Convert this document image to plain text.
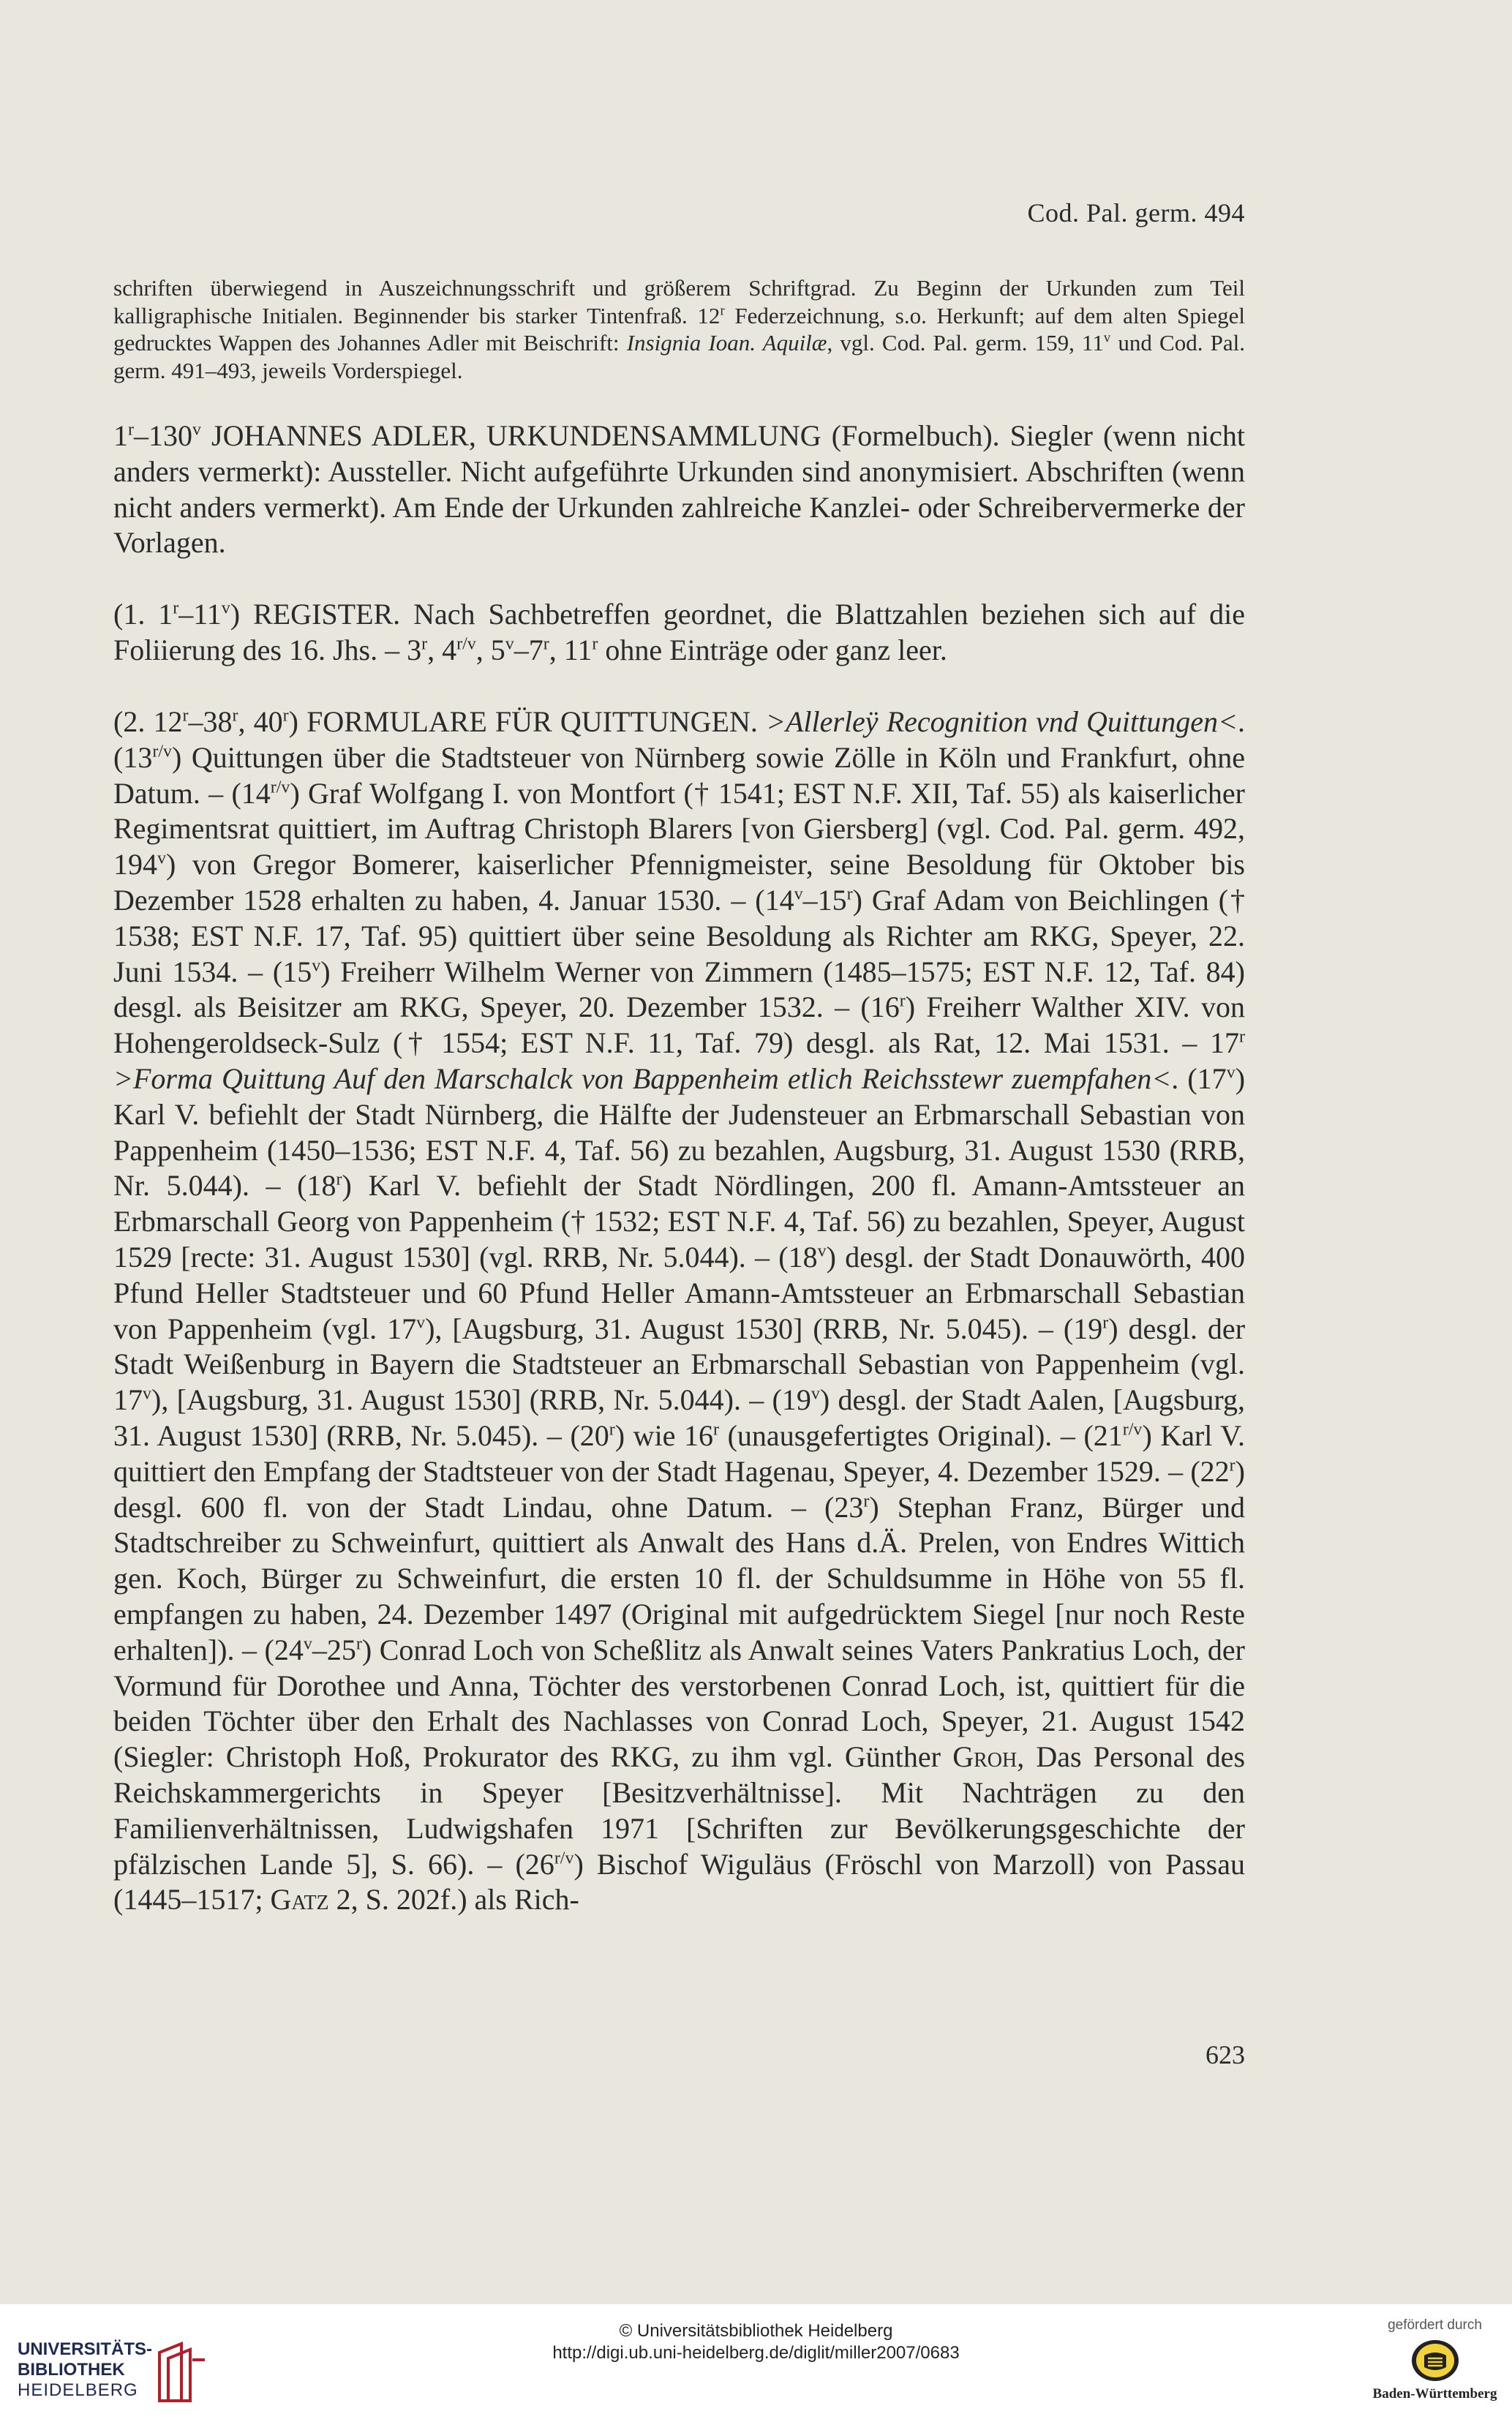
Cod. Pal. germ. 494

schriften überwiegend in Auszeichnungsschrift und größerem Schriftgrad. Zu Beginn der Urkunden zum Teil kalligraphische Initialen. Beginnender bis starker Tintenfraß. 12$^r$ Federzeichnung, s.o. Herkunft; auf dem alten Spiegel gedrucktes Wappen des Johannes Adler mit Beischrift: Insignia Ioan. Aquilæ, vgl. Cod. Pal. germ. 159, 11$^v$ und Cod. Pal. germ. 491–493, jeweils Vorderspiegel.

1$^r$–130$^v$ JOHANNES ADLER, URKUNDENSAMMLUNG (Formelbuch). Siegler (wenn nicht anders vermerkt): Aussteller. Nicht aufgeführte Urkunden sind anonymisiert. Abschriften (wenn nicht anders vermerkt). Am Ende der Urkunden zahlreiche Kanzlei- oder Schreibervermerke der Vorlagen.

(1. 1$^r$–11$^v$) REGISTER. Nach Sachbetreffen geordnet, die Blattzahlen beziehen sich auf die Foliierung des 16. Jhs. – 3$^r$, $4^{r/v}$, 5$^v$–7$^r$, 11$^r$ ohne Einträge oder ganz leer.

(2. 12$^r$–38$^r$, 40$^r$) FORMULARE FÜR QUITTUNGEN. >Allerleÿ Recognition vnd Quittungen<. $(13^{r/v})$ Quittungen über die Stadtsteuer von Nürnberg sowie Zölle in Köln und Frankfurt, ohne Datum. – $(14^{r/v})$ Graf Wolfgang I. von Montfort († 1541; EST N.F. XII, Taf. 55) als kaiserlicher Regimentsrat quittiert, im Auftrag Christoph Blarers [von Giersberg] (vgl. Cod. Pal. germ. 492, 194$^v$) von Gregor Bomerer, kaiserlicher Pfennigmeister, seine Besoldung für Oktober bis Dezember 1528 erhalten zu haben, 4. Januar 1530. – (14$^v$–15$^r$) Graf Adam von Beichlingen († 1538; EST N.F. 17, Taf. 95) quittiert über seine Besoldung als Richter am RKG, Speyer, 22. Juni 1534. – (15$^v$) Freiherr Wilhelm Werner von Zimmern (1485–1575; EST N.F. 12, Taf. 84) desgl. als Beisitzer am RKG, Speyer, 20. Dezember 1532. – (16$^r$) Freiherr Walther XIV. von Hohengeroldseck-Sulz († 1554; EST N.F. 11, Taf. 79) desgl. als Rat, 12. Mai 1531. – $17^r$ >Forma Quittung Auf den Marschalck von Bappenheim etlich Reichsstewr zuempfahen<. (17$^v$) Karl V. befiehlt der Stadt Nürnberg, die Hälfte der Judensteuer an Erbmarschall Sebastian von Pappenheim (1450–1536; EST N.F. 4, Taf. 56) zu bezahlen, Augsburg, 31. August 1530 (RRB, Nr. 5.044). – (18$^r$) Karl V. befiehlt der Stadt Nördlingen, 200 fl. Amann-Amtssteuer an Erbmarschall Georg von Pappenheim († 1532; EST N.F. 4, Taf. 56) zu bezahlen, Speyer, August 1529 [recte: 31. August 1530] (vgl. RRB, Nr. 5.044). – (18$^v$) desgl. der Stadt Donauwörth, 400 Pfund Heller Stadtsteuer und 60 Pfund Heller Amann-Amtssteuer an Erbmarschall Sebastian von Pappenheim (vgl. 17$^v$), [Augsburg, 31. August 1530] (RRB, Nr. 5.045). – (19$^r$) desgl. der Stadt Weißenburg in Bayern die Stadtsteuer an Erbmarschall Sebastian von Pappenheim (vgl. 17$^v$), [Augsburg, 31. August 1530] (RRB, Nr. 5.044). – (19$^v$) desgl. der Stadt Aalen, [Augsburg, 31. August 1530] (RRB, Nr. 5.045). – (20$^r$) wie 16$^r$ (unausgefertigtes Original). – $(21^{r/v})$ Karl V. quittiert den Empfang der Stadtsteuer von der Stadt Hagenau, Speyer, 4. Dezember 1529. – (22$^r$) desgl. 600 fl. von der Stadt Lindau, ohne Datum. – (23$^r$) Stephan Franz, Bürger und Stadtschreiber zu Schweinfurt, quittiert als Anwalt des Hans d.Ä. Prelen, von Endres Wittich gen. Koch, Bürger zu Schweinfurt, die ersten 10 fl. der Schuldsumme in Höhe von 55 fl. empfangen zu haben, 24. Dezember 1497 (Original mit aufgedrücktem Siegel [nur noch Reste erhalten]). – (24$^v$–25$^r$) Conrad Loch von Scheßlitz als Anwalt seines Vaters Pankratius Loch, der Vormund für Dorothee und Anna, Töchter des verstorbenen Conrad Loch, ist, quittiert für die beiden Töchter über den Erhalt des Nachlasses von Conrad Loch, Speyer, 21. August 1542 (Siegler: Christoph Hoß, Prokurator des RKG, zu ihm vgl. Günther Groh, Das Personal des Reichskammergerichts in Speyer [Besitzverhältnisse]. Mit Nachträgen zu den Familienverhältnissen, Ludwigshafen 1971 [Schriften zur Bevölkerungsgeschichte der pfälzischen Lande 5], S. 66). – $(26^{r/v})$ Bischof Wiguläus (Fröschl von Marzoll) von Passau (1445–1517; Gatz 2, S. 202f.) als Rich-

623
UNIVERSITÄTS-
BIBLIOTHEK
HEIDELBERG
© Universitätsbibliothek Heidelberg
http://digi.ub.uni-heidelberg.de/diglit/miller2007/0683
gefördert durch
Baden-Württemberg
